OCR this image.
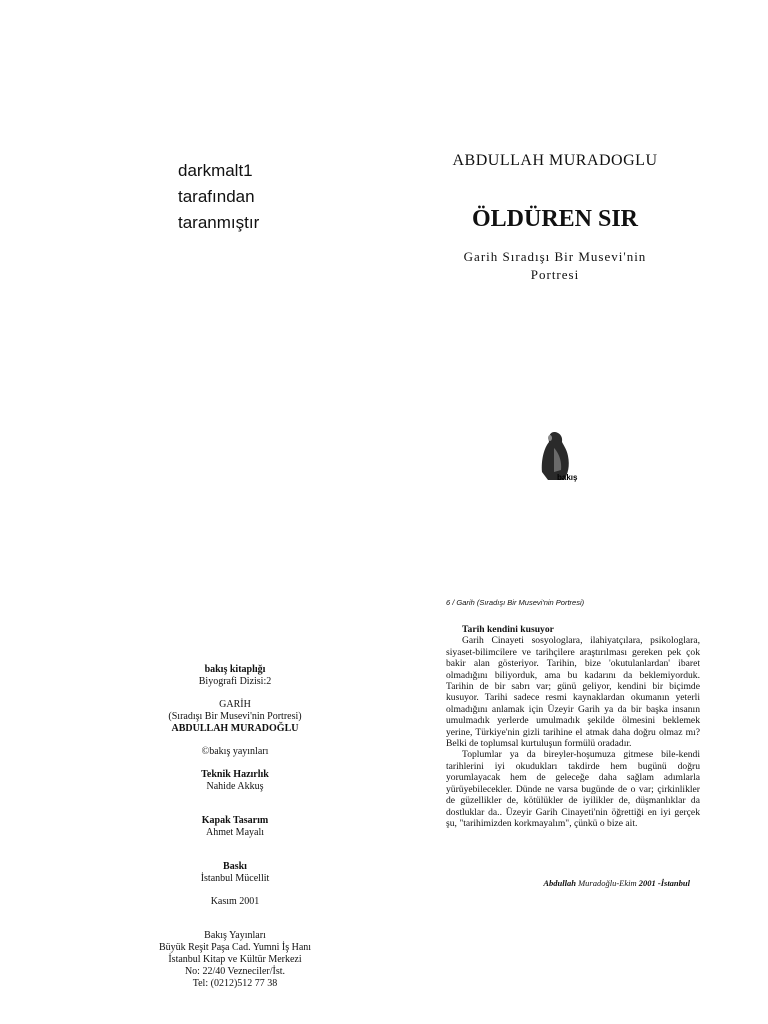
darkmalt1
tarafından
taranmıştır
ABDULLAH MURADOGLU
ÖLDÜREN SIR
Garih Sıradışı Bir Musevi'nin
Portresi
bakış
bakış kitaplığı
Biyografi Dizisi:2
GARİH
(Sıradışı Bir Musevi'nin Portresi)
ABDULLAH MURADOĞLU
©bakış yayınları
Teknik Hazırlık
Nahide Akkuş
Kapak Tasarım
Ahmet Mayalı
Baskı
İstanbul Mücellit
Kasım 2001
Bakış Yayınları
Büyük Reşit Paşa Cad. Yumni İş Hanı
İstanbul Kitap ve Kültür Merkezi
No: 22/40 Vezneciler/İst.
Tel: (0212)512 77 38
6 / Garih (Sıradışı Bir Musevi'nin Portresi)
Tarih kendini kusuyor

Garih Cinayeti sosyologlara, ilahiyatçılara, psikologlara, siyaset-bilimcilere ve tarihçilere araştırılması gereken pek çok bakir alan gösteriyor. Tarihin, bize 'okutulanlardan' ibaret olmadığını biliyorduk, ama bu kadarını da beklemiyorduk. Tarihin de bir sabrı var; günü geliyor, kendini bir biçimde kusuyor. Tarihi sadece resmi kaynaklardan okumanın yeterli olmadığını anlamak için Üzeyir Garih ya da bir başka insanın umulmadık yerlerde umulmadık şekilde ölmesini beklemek yerine, Türkiye'nin gizli tarihine el atmak daha doğru olmaz mı? Belki de toplumsal kurtuluşun formülü oradadır.

Toplumlar ya da bireyler-hoşumuza gitmese bile-kendi tarihlerini iyi okudukları takdirde hem bugünü doğru yorumlayacak hem de geleceğe daha sağlam adımlarla yürüyebilecekler. Dünde ne varsa bugünde de o var; çirkinlikler de güzellikler de, kötülükler de iyilikler de, düşmanlıklar da dostluklar da.. Üzeyir Garih Cinayeti'nin öğrettiği en iyi gerçek şu, "tarihimizden korkmayalım", çünkü o bize ait.

Abdullah Muradoğlu-Ekim 2001 -İstanbul
